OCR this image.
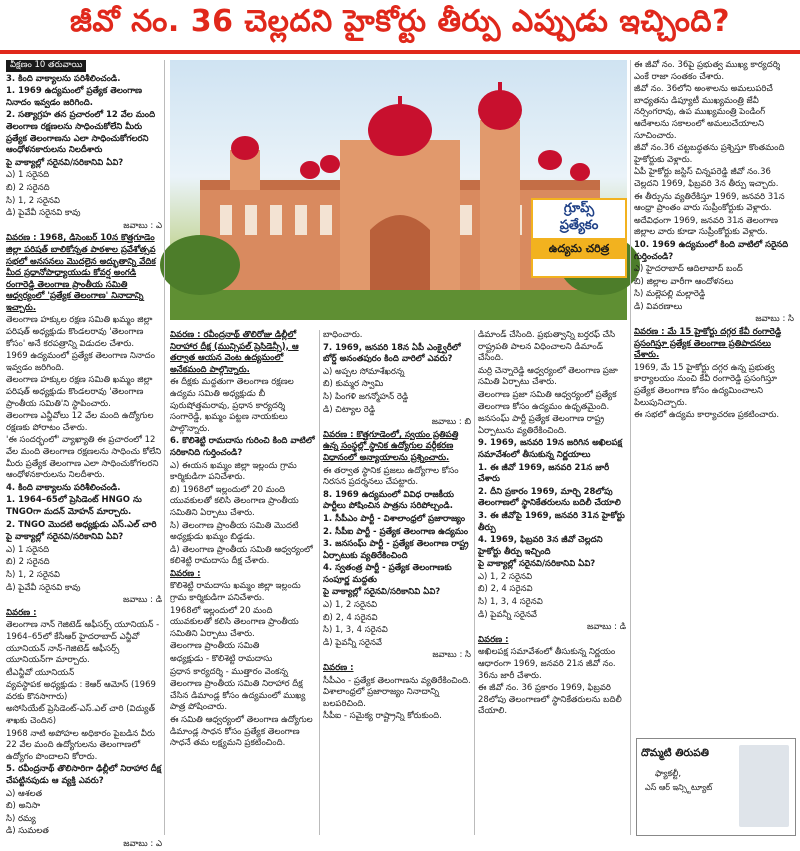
జీవో నం. 36 చెల్లదని హైకోర్టు తీర్పు ఎప్పుడు ఇచ్చింది?
వీక్షణం 10 తరువాయి

3. కింది వాక్యాలను పరిశీలించండి.

1. 1969 ఉద్యమంలో ప్రత్యేక తెలంగాణ నినాదం ఇవ్వడం జరిగింది.

2. సత్యాగ్రహ తన ప్రచారంలో 12 వేల మంది తెలంగాణ రక్షణలను సాధించుకోలేని మీరు ప్రత్యేక తెలంగాణను ఎలా సాధించుకోగలరని ఆంధోళనకారులను నిలదీశారు

పై వాక్యాల్లో సరైనవి/సరికానివి ఏవి?

ఎ) 1 సరైనది

బి) 2 సరైనది

సి) 1, 2 సరైనవి

డి) పైవేవీ సరైనవి కావు

జవాబు : ఎ

వివరణ : 1968, డిసెంబర్ 10న కొత్తగూడెం జిల్లా పరిషత్ బాలికోన్నత పాఠశాల ప్రవేశోత్సవ సభలో అనసనలు మొదలైన అద్భుతాన్ని వేదిక మీద ప్రధానోపాధ్యాయుడు కోవర్ష అంగడి రంగారెడ్డి తెలంగాణ ప్రాంతీయ సమితి ఆధ్వర్యంలో 'ప్రత్యేక తెలంగాణ' నినాదాన్ని ఇచ్చారు.

తెలంగాణ హక్కుల రక్షణ సమితి ఖమ్మం జిల్లా పరిషత్ అధ్యక్షుడు కొండలరావు 'తెలంగాణ కోసం' అనే కరపత్రాన్ని విడుదల చేశారు.

1969 ఉద్యమంలో ప్రత్యేక తెలంగాణ నినాదం ఇవ్వడం జరిగింది.

తెలంగాణ హక్కుల రక్షణ సమితి ఖమ్మం జిల్లా పరిషత్ అధ్యక్షుడు కొండలరావు 'తెలంగాణ ప్రాంతీయ సమితి'ని స్థాపించారు.

తెలంగాణ ఎన్జీవోలు 12 వేల మంది ఉద్యోగుల రక్షణకు పోరాటం చేశారు.

'ఈ సందర్భంలో' వ్యాఖ్యాతి ఈ ప్రచారంలో 12 వేల మంది తెలంగాణ రక్షణలను సాధించు కోలేని మీరు ప్రత్యేక తెలంగాణ ఎలా సాధించుకోగలరని ఆంధోళనకారులను నిలదీశారు.

4. కింది వాక్యాలను పరిశీలించండి.

1. 1964–65లో ప్రెసిడెంట్ HNGO ను TNGOగా మదన్ మోహన్ మార్చారు.

2. TNGO మొదటి అధ్యక్షుడు ఎస్.ఎల్ చారి

పై వాక్యాల్లో సరైనవి/సరికానివి ఏవి?

ఎ) 1 సరైనది

బి) 2 సరైనది

సి) 1, 2 సరైనవి

డి) పైవేవీ సరైనవి కావు

జవాబు : డి

వివరణ :

తెలంగాణ నాన్ గెజిటెడ్ ఆఫీసర్స్ యూనియన్ - 1964–65లో కేసీఆర్ హైదరాబాద్ ఎన్జీవో యూనియన్ నాన్-గెజిటెడ్ ఆఫీసర్స్ యూనియన్‌గా మార్చారు.

టీఎన్జీవో యూనియన్

వ్యవస్థాపక అధ్యక్షుడు : కెఆర్ ఆమోస్ (1969 వరకు కొనసాగారు)

అసోసియేట్ ప్రెసిడెంట్-ఎస్.ఎల్ చారి (విద్యుత్ శాఖకు చెందిన)

1968 నాటి అపోహల అధికారం పైబడిన వీరు 22 వేల మంది ఉద్యోగులను తెలంగాణలో ఉద్యోగం పొందాలని కోరారు.

5. రవీంద్రనాథ్ తొలిసారిగా ఢిల్లీలో నిరాహార దీక్ష చేపట్టినపుడు ఆ వ్యక్తి ఎవరు?

ఎ) ఆశలత

బి) అనిసా

సి) రమ్య

డి) సుమలత

జవాబు : ఎ

గ్రూప్స్
ప్రత్యేకం
ఉద్యమ చరిత్ర

వివరణ : రవీంద్రనాథ్ తొలిరోజు డిల్లీలో నిరాహార దీక్ష (మున్సిపల్ ప్రెసిడెన్సీ), ఆ తర్వాత ఆయన వెంట ఉద్యమంలో అనేకమంది పాల్గొన్నారు.

ఈ దీక్షకు మద్దతుగా తెలంగాణ రక్షణల ఉద్యమ సమితి అధ్యక్షుడు బీ పురుషోత్తమరావు, ప్రధాన కార్యదర్శి సంగారెడ్డి, ఖమ్మం పట్టణ నాయకులు పాల్గొన్నారు.

6. కొలిశెట్టి రామదాసు గురించి కింది వాటిలో సరికానిది గుర్తించండి?

ఎ) ఈయన ఖమ్మం జిల్లా ఇల్లందు గ్రామ కార్మికుడిగా పనిచేశారు.

బి) 1968లో ఇల్లందులో 20 మంది యువకులతో కలిసి తెలంగాణ ప్రాంతీయ సమితిని ఏర్పాటు చేశారు.

సి) తెలంగాణ ప్రాంతీయ సమితి మొదటి అధ్యక్షుడు ఖమ్మం బిడ్డడు.

డి) తెలంగాణ ప్రాంతీయ సమితి ఆధ్వర్యంలో కలిశెట్టి రామదాసు దీక్ష చేశారు.

వివరణ :

కొలిశెట్టి రామదాసు ఖమ్మం జిల్లా ఇల్లందు గ్రామ కార్మికుడిగా పనిచేశారు.

1968లో ఇల్లందులో 20 మంది యువకులతో కలిసి తెలంగాణ ప్రాంతీయ సమితిని ఏర్పాటు చేశారు.

తెలంగాణ ప్రాంతీయ సమితి

అధ్యక్షుడు - కొలిశెట్టి రామదాసు

ప్రధాన కార్యదర్శి - ముత్తారం వెంకన్న

తెలంగాణ ప్రాంతీయ సమితి నిరాహార దీక్ష చేసిన డిమాండ్ల కోసం ఉద్యమంలో ముఖ్య పాత్ర పోషించారు.

ఈ సమితి ఆధ్వర్యంలో తెలంగాణ ఉద్యోగుల డిమాండ్ల సాధన కోసం ప్రత్యేక తెలంగాణ సాధనే తమ లక్ష్యమని ప్రకటించింది.

బాధించారు.

7. 1969, జనవరి 18న ఏపీ ఎంక్వైరీలో బోర్డ్ అనంతపురం కింది వారిలో ఎవరు?

ఎ) అప్పల సోమాశేఖరన్న

బి) కుమ్మర స్వామి

సి) పింగళి జగన్మోహన్ రెడ్డి

డి) చిట్యాల రెడ్డి

జవాబు : బి

వివరణ : కొత్తగూడెంలో, స్వయం ప్రతిపత్తి ఉన్న సంస్థల్లో స్థానిక ఉద్యోగుల వర్గీకరణ విధానంలో అన్యాయాలను ప్రశ్నించారు.

ఈ తర్వాత స్థానిక ప్రజలు ఉద్యోగాల కోసం నిరసన ప్రదర్శనలు చేపట్టారు.

8. 1969 ఉద్యమంలో వివిధ రాజకీయ పార్టీలు పోషించిన పాత్రను సరిపోల్చండి.

1. సీపీఎం పార్టీ - విశాలాంధ్రలో ప్రజారాజ్యం

2. సీపీఐ పార్టీ - ప్రత్యేక తెలంగాణ ఉద్యమం

3. జనసంఘ్ పార్టీ - ప్రత్యేక తెలంగాణ రాష్ట్ర ఏర్పాటుకు వ్యతిరేకించింది

4. స్వతంత్ర పార్టీ - ప్రత్యేక తెలంగాణకు సంపూర్ణ మద్దతు

పై వాక్యాల్లో సరైనవి/సరికానివి ఏవి?

ఎ) 1, 2 సరైనవి

బి) 2, 4 సరైనవి

సి) 1, 3, 4 సరైనవి

డి) పైవన్నీ సరైనవే

జవాబు : సి

వివరణ :

సీపీఎం - ప్రత్యేక తెలంగాణను వ్యతిరేకించింది. విశాలాంధ్రలో ప్రజారాజ్యం నినాదాన్ని బలపరిచింది.

సీపీఐ - సమైక్య రాష్ట్రాన్ని కోరుకుంది.

డిమాండ్ చేసింది. ప్రభుత్వాన్ని బర్తరఫ్ చేసి రాష్ట్రపతి పాలన విధించాలని డిమాండ్ చేసింది.

మర్రి చెన్నారెడ్డి ఆధ్వర్యంలో తెలంగాణ ప్రజా సమితి ఏర్పాటు చేశారు.

తెలంగాణ ప్రజా సమితి ఆధ్వర్యంలో ప్రత్యేక తెలంగాణ కోసం ఉద్యమం ఉధృతమైంది.

జనసంఘ్ పార్టీ ప్రత్యేక తెలంగాణ రాష్ట్ర ఏర్పాటును వ్యతిరేకించింది.

9. 1969, జనవరి 19న జరిగిన అఖిలపక్ష సమావేశంలో తీసుకున్న నిర్ణయాలు

1. ఈ జీవో 1969, జనవరి 21న జారీ చేశారు

2. దీని ప్రకారం 1969, మార్చి 28లోపు తెలంగాణలో స్థానికేతరులను బదిలీ చేయాలి

3. ఈ జీవోపై 1969, జనవరి 31న హైకోర్టు తీర్పు

4. 1969, ఫిబ్రవరి 3న జీవో చెల్లదని హైకోర్టు తీర్పు ఇచ్చింది

పై వాక్యాల్లో సరైనవి/సరికానివి ఏవి?

ఎ) 1, 2 సరైనవి

బి) 2, 4 సరైనవి

సి) 1, 3, 4 సరైనవి

డి) పైవన్నీ సరైనవే

జవాబు : డి

వివరణ :

అఖిలపక్ష సమావేశంలో తీసుకున్న నిర్ణయం ఆధారంగా 1969, జనవరి 21న జీవో నం. 36ను జారీ చేశారు.

ఈ జీవో నం. 36 ప్రకారం 1969, ఫిబ్రవరి 28లోపు తెలంగాణలో స్థానికేతరులను బదిలీ చేయాలి.

ఈ జీవో నం. 36పై ప్రభుత్వ ముఖ్య కార్యదర్శి ఎంకే రాజా సంతకం చేశారు.

జీవో నం. 36లోని అంశాలను అమలుపరిచే బాధ్యతను డిప్యూటీ ముఖ్యమంత్రి జేవీ నర్సింగరావు, ఉప ముఖ్యమంత్రి పెండింగ్ ఆదేశాలను సకాలంలో అమలుచేయాలని సూచించారు.

జీవో నం.36 చట్టబద్ధతను ప్రశ్నిస్తూ కొంతమంది హైకోర్టుకు వెళ్లారు.

ఏపీ హైకోర్టు జస్టిస్ చిన్నపరెడ్డి జీవో నం.36 చెల్లదని 1969, ఫిబ్రవరి 3న తీర్పు ఇచ్చారు.

ఈ తీర్పును వ్యతిరేకిస్తూ 1969, జనవరి 31న ఆంధ్రా ప్రాంతం వారు సుప్రీంకోర్టుకు వెళ్లారు.

అదేవిధంగా 1969, జనవరి 31న తెలంగాణ జిల్లాల వారు కూడా సుప్రీంకోర్టుకు వెళ్లారు.

10. 1969 ఉద్యమంలో కింది వాటిలో సరైనది గుర్తించండి?

ఎ) హైదరాబాద్ ఆదిలాబాద్ బంద్

బి) జిల్లాల వారీగా ఆందోళనలు

సి) మల్లెపల్లి మల్లారెడ్డి

డి) వివరణాలు

జవాబు : సి

వివరణ : మే 15 హైకోర్టు దగ్గర కేవీ రంగారెడ్డి ప్రసంగిస్తూ ప్రత్యేక తెలంగాణ ప్రతిపాదనలు చేశారు.

1969, మే 15 హైకోర్టు దగ్గర ఉన్న ప్రభుత్వ కార్యాలయం నుంచి కేవీ రంగారెడ్డి ప్రసంగిస్తూ ప్రత్యేక తెలంగాణ కోసం ఉద్యమించాలని పిలుపునిచ్చారు.

ఈ సభలో ఉద్యమ కార్యాచరణ ప్రకటించారు.

దొమ్మటి తిరుపతి
ఫ్యాకల్టీ,
ఎస్ ఆర్ ఇన్స్టిట్యూట్
